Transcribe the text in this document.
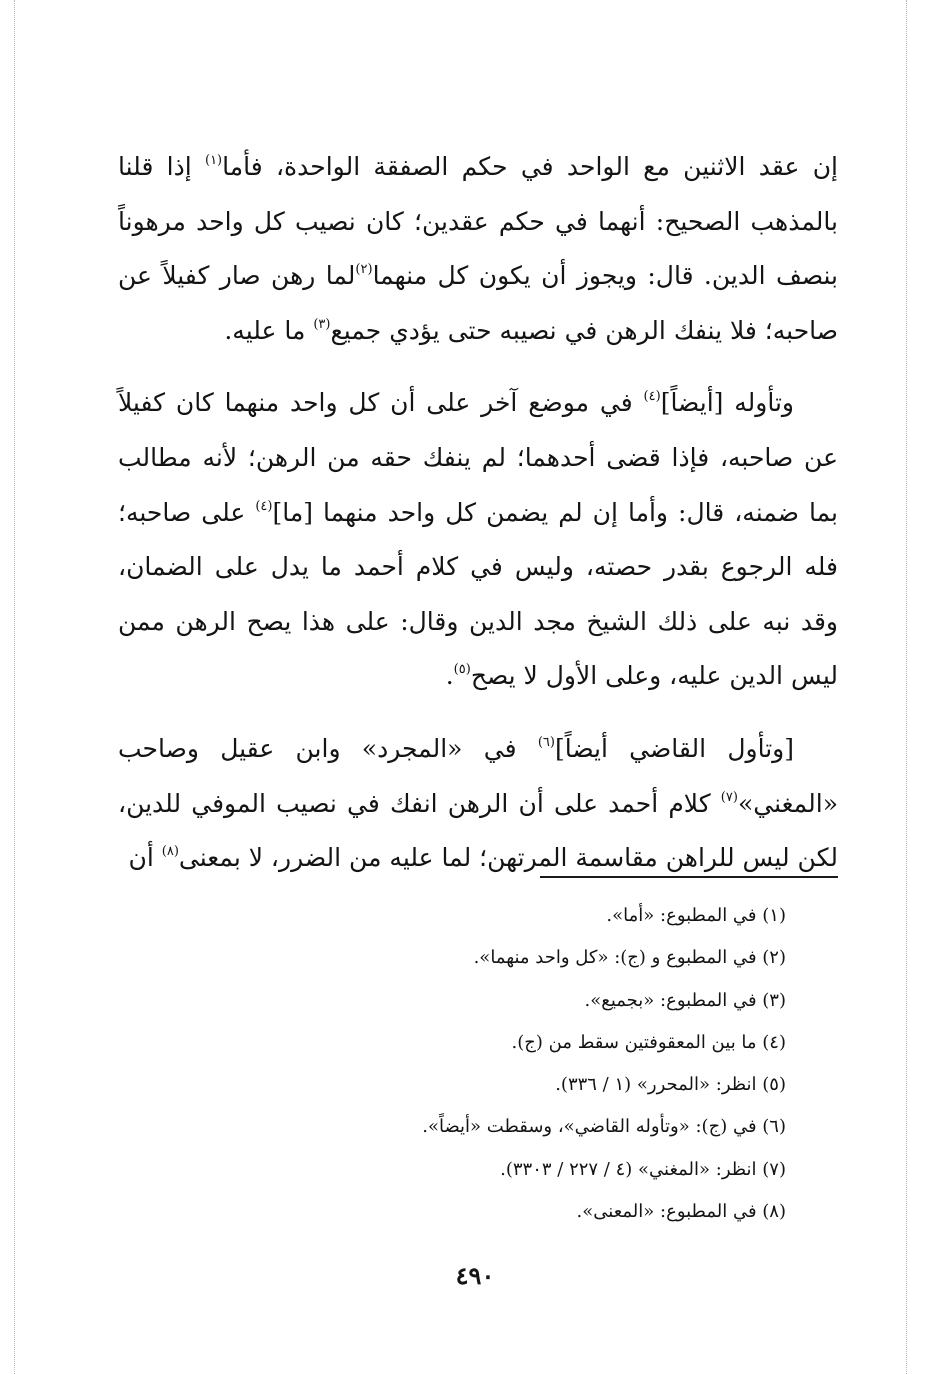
إن عقد الاثنين مع الواحد في حكم الصفقة الواحدة، فأما$^{(١)}$ إذا قلنا بالمذهب الصحيح: أنهما في حكم عقدين؛ كان نصيب كل واحد مرهوناً بنصف الدين. قال: ويجوز أن يكون كل منهما$^{(٢)}$لما رهن صار كفيلاً عن صاحبه؛ فلا ينفك الرهن في نصيبه حتى يؤدي جميع$^{(٣)}$ ما عليه.

وتأوله [أيضاً]$^{(٤)}$ في موضع آخر على أن كل واحد منهما كان كفيلاً عن صاحبه، فإذا قضى أحدهما؛ لم ينفك حقه من الرهن؛ لأنه مطالب بما ضمنه، قال: وأما إن لم يضمن كل واحد منهما [ما]$^{(٤)}$ على صاحبه؛ فله الرجوع بقدر حصته، وليس في كلام أحمد ما يدل على الضمان، وقد نبه على ذلك الشيخ مجد الدين وقال: على هذا يصح الرهن ممن ليس الدين عليه، وعلى الأول لا يصح$^{(٥)}$.

[وتأول القاضي أيضاً]$^{(٦)}$ في «المجرد» وابن عقيل وصاحب «المغني»$^{(٧)}$ كلام أحمد على أن الرهن انفك في نصيب الموفي للدين، لكن ليس للراهن مقاسمة المرتهن؛ لما عليه من الضرر، لا بمعنى$^{(٨)}$ أن

(١) في المطبوع: «أما».
(٢) في المطبوع و (ج): «كل واحد منهما».
(٣) في المطبوع: «بجميع».
(٤) ما بين المعقوفتين سقط من (ج).
(٥) انظر: «المحرر» (١ / ٣٣٦).
(٦) في (ج): «وتأوله القاضي»، وسقطت «أيضاً».
(٧) انظر: «المغني» (٤ / ٢٢٧ / ٣٣٠٣).
(٨) في المطبوع: «المعنى».
٤٩٠
